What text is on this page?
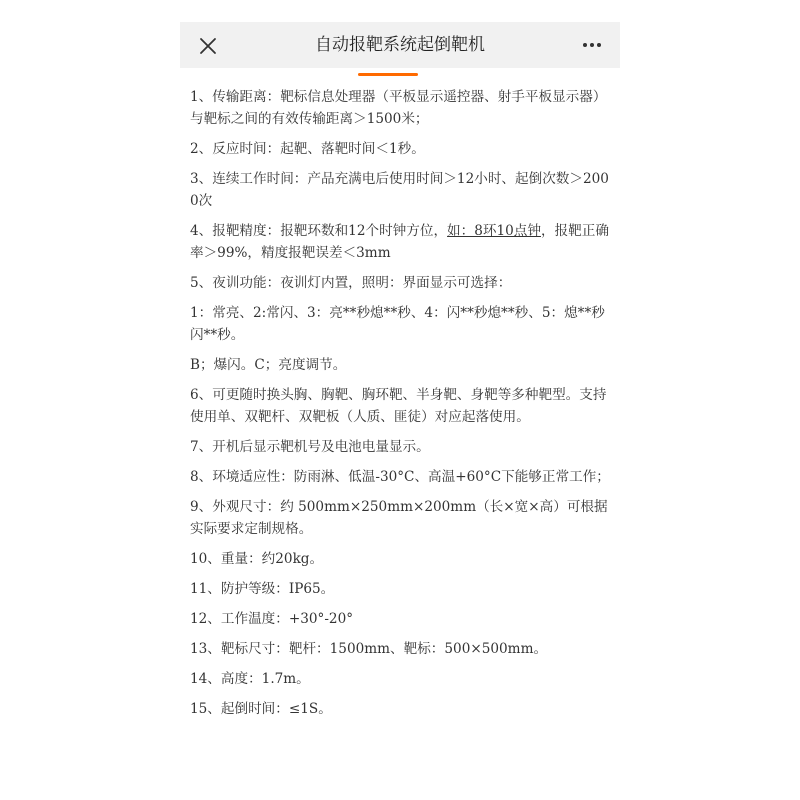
自动报靶系统起倒靶机

1、传输距离：靶标信息处理器（平板显示遥控器、射手平板显示器）与靶标之间的有效传输距离＞1500米；

2、反应时间：起靶、落靶时间＜1秒。

3、连续工作时间：产品充满电后使用时间＞12小时、起倒次数＞2000次

4、报靶精度：报靶环数和12个时钟方位，如：8环10点钟，报靶正确率＞99%，精度报靶误差＜3mm

5、夜训功能：夜训灯内置，照明：界面显示可选择：

1：常亮、2:常闪、3：亮**秒熄**秒、4：闪**秒熄**秒、5：熄**秒闪**秒。

B；爆闪。C；亮度调节。

6、可更随时换头胸、胸靶、胸环靶、半身靶、身靶等多种靶型。支持使用单、双靶杆、双靶板（人质、匪徒）对应起落使用。

7、开机后显示靶机号及电池电量显示。

8、环境适应性：防雨淋、低温-30°C、高温+60°C下能够正常工作；

9、外观尺寸：约 500mm×250mm×200mm（长×宽×高）可根据实际要求定制规格。

10、重量：约20kg。

11、防护等级：IP65。

12、工作温度：+30°-20°

13、靶标尺寸：靶杆：1500mm、靶标：500×500mm。

14、高度：1.7m。

15、起倒时间：≤1S。
